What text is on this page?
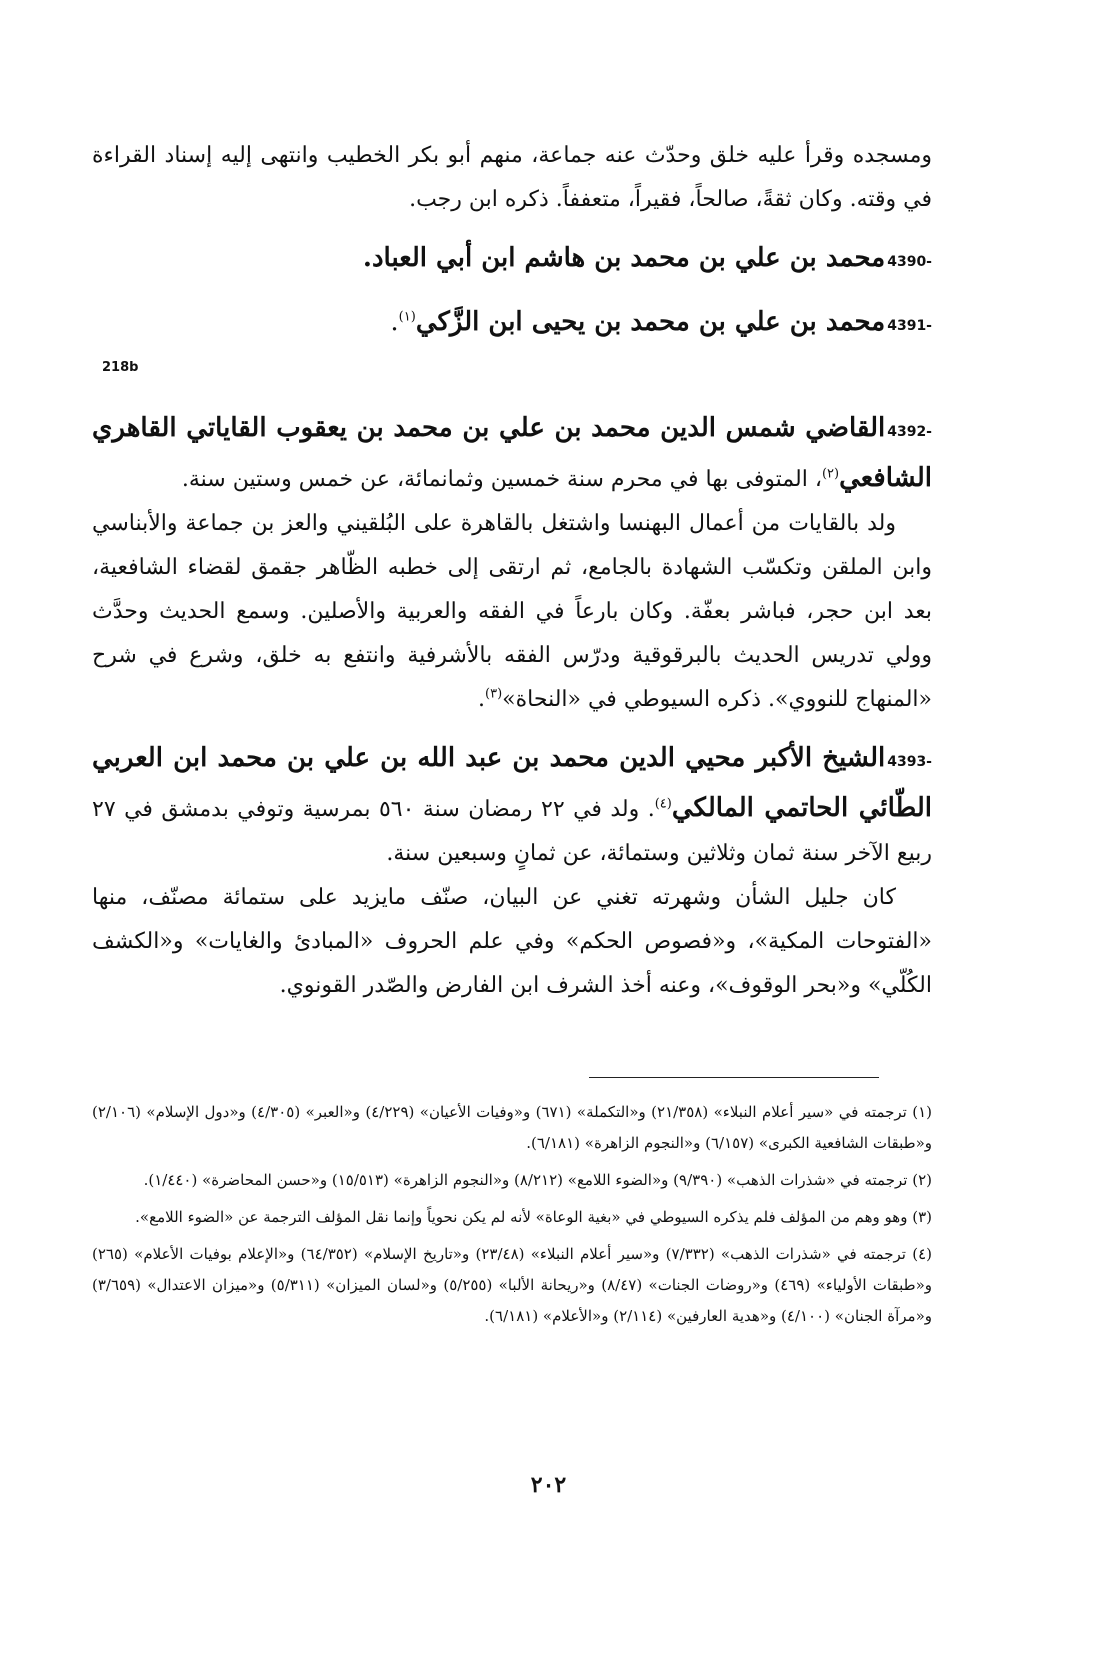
ومسجده وقرأ عليه خلق وحدّث عنه جماعة، منهم أبو بكر الخطيب وانتهى إليه إسناد القراءة في وقته. وكان ثقةً، صالحاً، فقيراً، متعففاً. ذكره ابن رجب.

4390-محمد بن علي بن محمد بن هاشم ابن أبي العباد.

4391-محمد بن علي بن محمد بن يحيى ابن الزَّكي$^{(١)}$.

218b

4392-القاضي شمس الدين محمد بن علي بن محمد بن يعقوب القاياتي القاهري الشافعي$^{(٢)}$، المتوفى بها في محرم سنة خمسين وثمانمائة، عن خمس وستين سنة.

ولد بالقايات من أعمال البهنسا واشتغل بالقاهرة على البُلقيني والعز بن جماعة والأبناسي وابن الملقن وتكسّب الشهادة بالجامع، ثم ارتقى إلى خطبه الظّاهر جقمق لقضاء الشافعية، بعد ابن حجر، فباشر بعفّة. وكان بارعاً في الفقه والعربية والأصلين. وسمع الحديث وحدَّث وولي تدريس الحديث بالبرقوقية ودرّس الفقه بالأشرفية وانتفع به خلق، وشرع في شرح «المنهاج للنووي». ذكره السيوطي في «النحاة»$^{(٣)}$.

4393-الشيخ الأكبر محيي الدين محمد بن عبد الله بن علي بن محمد ابن العربي الطّائي الحاتمي المالكي$^{(٤)}$. ولد في ٢٢ رمضان سنة ٥٦٠ بمرسية وتوفي بدمشق في ٢٧ ربيع الآخر سنة ثمان وثلاثين وستمائة، عن ثمانٍ وسبعين سنة.

كان جليل الشأن وشهرته تغني عن البيان، صنّف مايزيد على ستمائة مصنّف، منها «الفتوحات المكية»، و«فصوص الحكم» وفي علم الحروف «المبادئ والغايات» و«الكشف الكُلّي» و«بحر الوقوف»، وعنه أخذ الشرف ابن الفارض والصّدر القونوي.

(١) ترجمته في «سير أعلام النبلاء» (٢١/٣٥٨) و«التكملة» (٦٧١) و«وفيات الأعيان» (٤/٢٢٩) و«العبر» (٤/٣٠٥) و«دول الإسلام» (٢/١٠٦) و«طبقات الشافعية الكبرى» (٦/١٥٧) و«النجوم الزاهرة» (٦/١٨١).

(٢) ترجمته في «شذرات الذهب» (٩/٣٩٠) و«الضوء اللامع» (٨/٢١٢) و«النجوم الزاهرة» (١٥/٥١٣) و«حسن المحاضرة» (١/٤٤٠).

(٣) وهو وهم من المؤلف فلم يذكره السيوطي في «بغية الوعاة» لأنه لم يكن نحوياً وإنما نقل المؤلف الترجمة عن «الضوء اللامع».

(٤) ترجمته في «شذرات الذهب» (٧/٣٣٢) و«سير أعلام النبلاء» (٢٣/٤٨) و«تاريخ الإسلام» (٦٤/٣٥٢) و«الإعلام بوفيات الأعلام» (٢٦٥) و«طبقات الأولياء» (٤٦٩) و«روضات الجنات» (٨/٤٧) و«ريحانة الألبا» (٥/٢٥٥) و«لسان الميزان» (٥/٣١١) و«ميزان الاعتدال» (٣/٦٥٩) و«مرآة الجنان» (٤/١٠٠) و«هدية العارفين» (٢/١١٤) و«الأعلام» (٦/١٨١).

٢٠٢
